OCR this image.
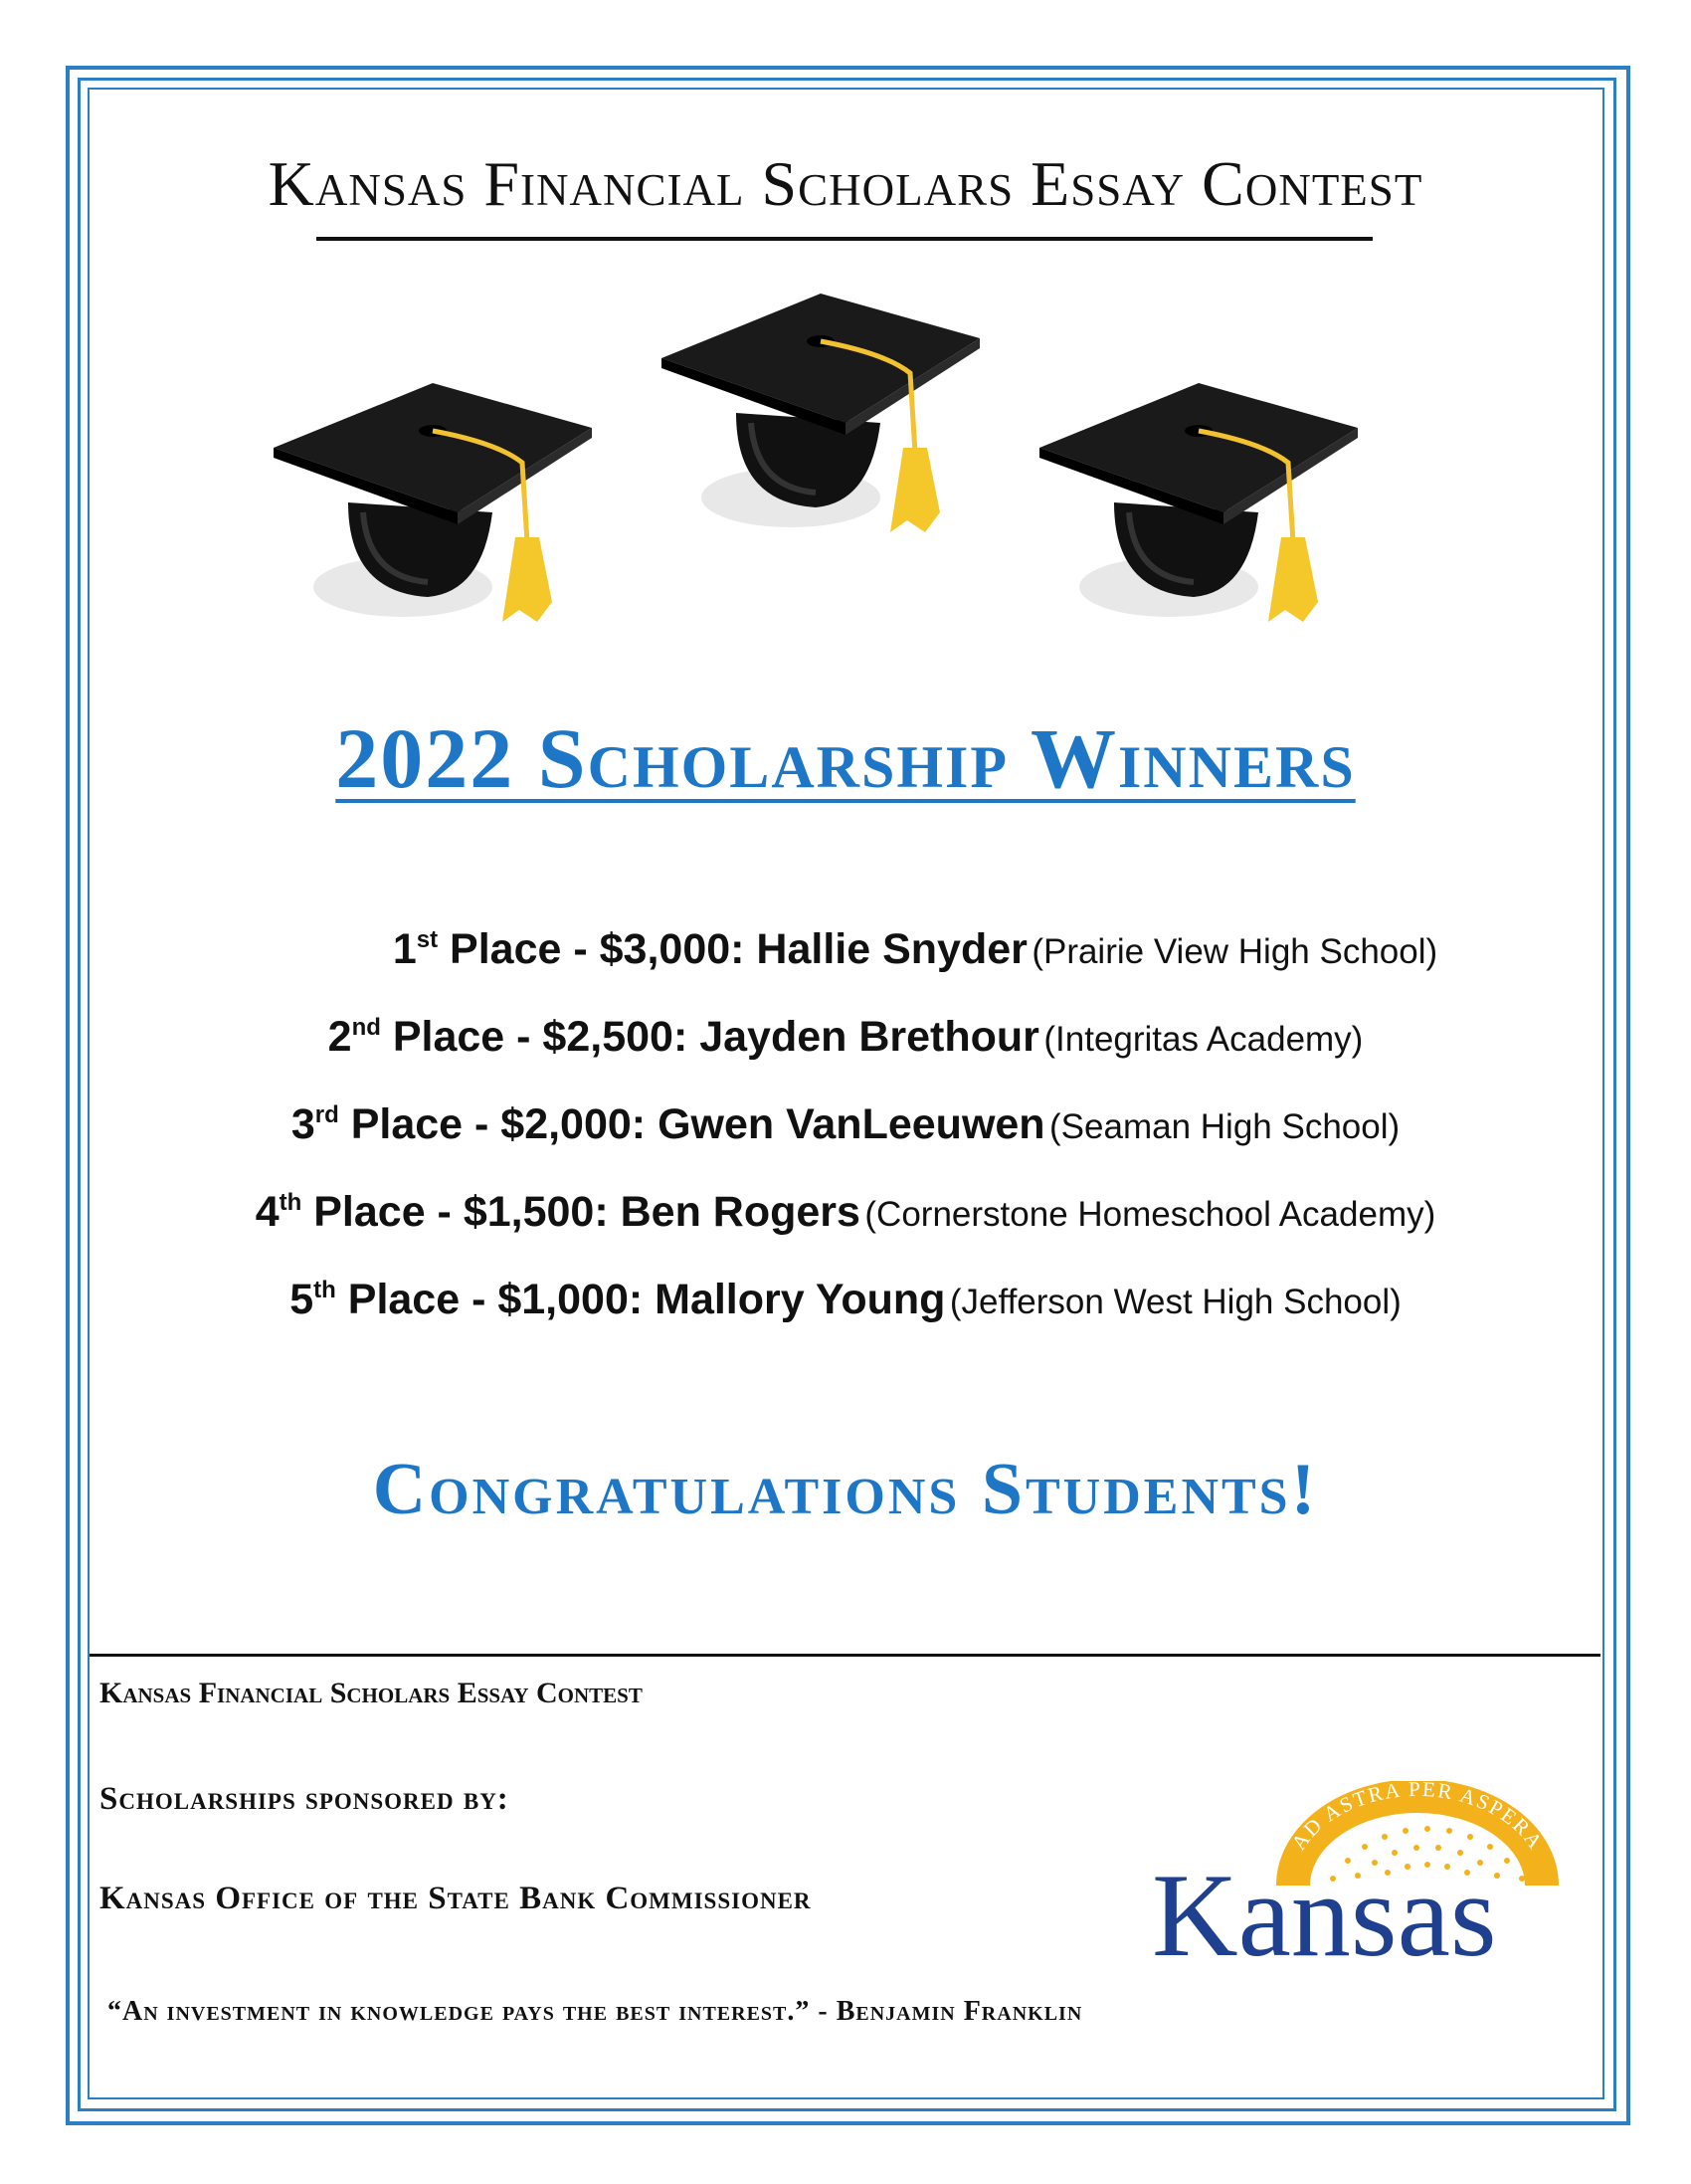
Kansas Financial Scholars Essay Contest
2022 Scholarship Winners
1st Place - $3,000: Hallie Snyder (Prairie View High School)
2nd Place - $2,500: Jayden Brethour (Integritas Academy)
3rd Place - $2,000: Gwen VanLeeuwen (Seaman High School)
4th Place - $1,500: Ben Rogers (Cornerstone Homeschool Academy)
5th Place - $1,000: Mallory Young (Jefferson West High School)
Congratulations Students!
Kansas Financial Scholars Essay Contest
Scholarships sponsored by:
Kansas Office of the State Bank Commissioner
“An investment in knowledge pays the best interest.” - Benjamin Franklin
AD ASTRA PER ASPERA
Kansas
